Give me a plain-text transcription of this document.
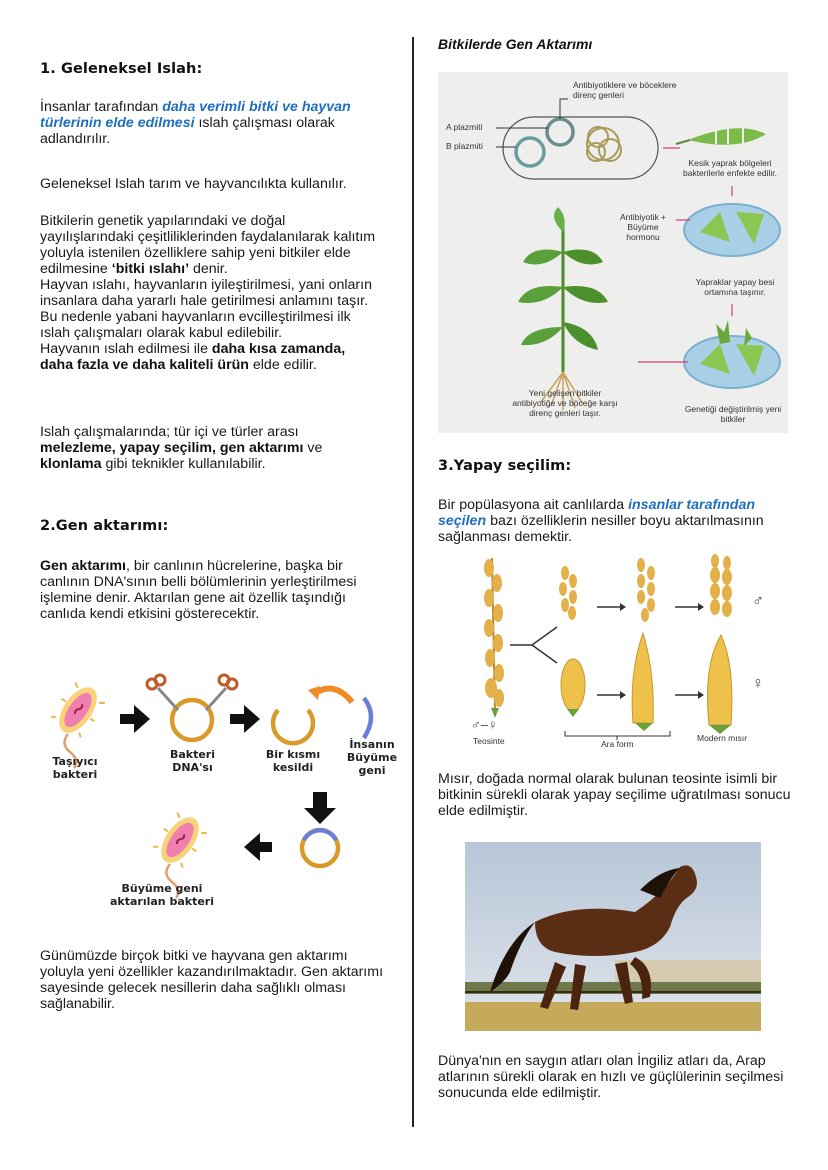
1. Geleneksel Islah:
İnsanlar tarafından daha verimli bitki ve hayvan türlerinin elde edilmesi ıslah çalışması olarak adlandırılır.
Geleneksel Islah tarım ve hayvancılıkta kullanılır.
Bitkilerin genetik yapılarındaki ve doğal yayılışlarındaki çeşitliliklerinden faydalanılarak kalıtım yoluyla istenilen özelliklere sahip yeni bitkiler elde edilmesine ‘bitki ıslahı’ denir.
Hayvan ıslahı, hayvanların iyileştirilmesi, yani onların insanlara daha yararlı hale getirilmesi anlamını taşır. Bu nedenle yabani hayvanların evcilleştirilmesi ilk ıslah çalışmaları olarak kabul edilebilir.
Hayvanın ıslah edilmesi ile daha kısa zamanda, daha fazla ve daha kaliteli ürün elde edilir.
Islah çalışmalarında; tür içi ve türler arası melezleme, yapay seçilim, gen aktarımı ve klonlama gibi teknikler kullanılabilir.
2.Gen aktarımı:
Gen aktarımı, bir canlının hücrelerine, başka bir canlının DNA'sının belli bölümlerinin yerleştirilmesi işlemine denir. Aktarılan gene ait özellik taşındığı canlıda kendi etkisini gösterecektir.
Taşıyıcı bakteri
Bakteri DNA'sı
Bir kısmı kesildi
İnsanın Büyüme geni
Büyüme geni aktarılan bakteri
Günümüzde birçok bitki ve hayvana gen aktarımı yoluyla yeni özellikler kazandırılmaktadır. Gen aktarımı sayesinde gelecek nesillerin daha sağlıklı olması sağlanabilir.
Bitkilerde Gen Aktarımı
Antibiyotiklere ve böceklere direnç genleri
A plazmiti
B plazmiti
Kesik yaprak bölgeleri bakterilerle enfekte edilir.
Antibiyotik + Büyüme hormonu
Yapraklar yapay besi ortamına taşınır.
Genetiği değiştirilmiş yeni bitkiler
Yeni gelişen bitkiler antibiyotiğe ve böceğe karşı direnç genleri taşır.
3.Yapay seçilim:
Bir popülasyona ait canlılarda insanlar tarafından seçilen bazı özelliklerin nesiller boyu aktarılmasının sağlanması demektir.
♂
♀
♂–♀
Teosinte	Ara form
Modern mısır
Mısır, doğada normal olarak bulunan teosinte isimli bir bitkinin sürekli olarak yapay seçilime uğratılması sonucu elde edilmiştir.
Dünya'nın en saygın atları olan İngiliz atları da, Arap atlarının sürekli olarak en hızlı ve güçlülerinin seçilmesi sonucunda elde edilmiştir.
